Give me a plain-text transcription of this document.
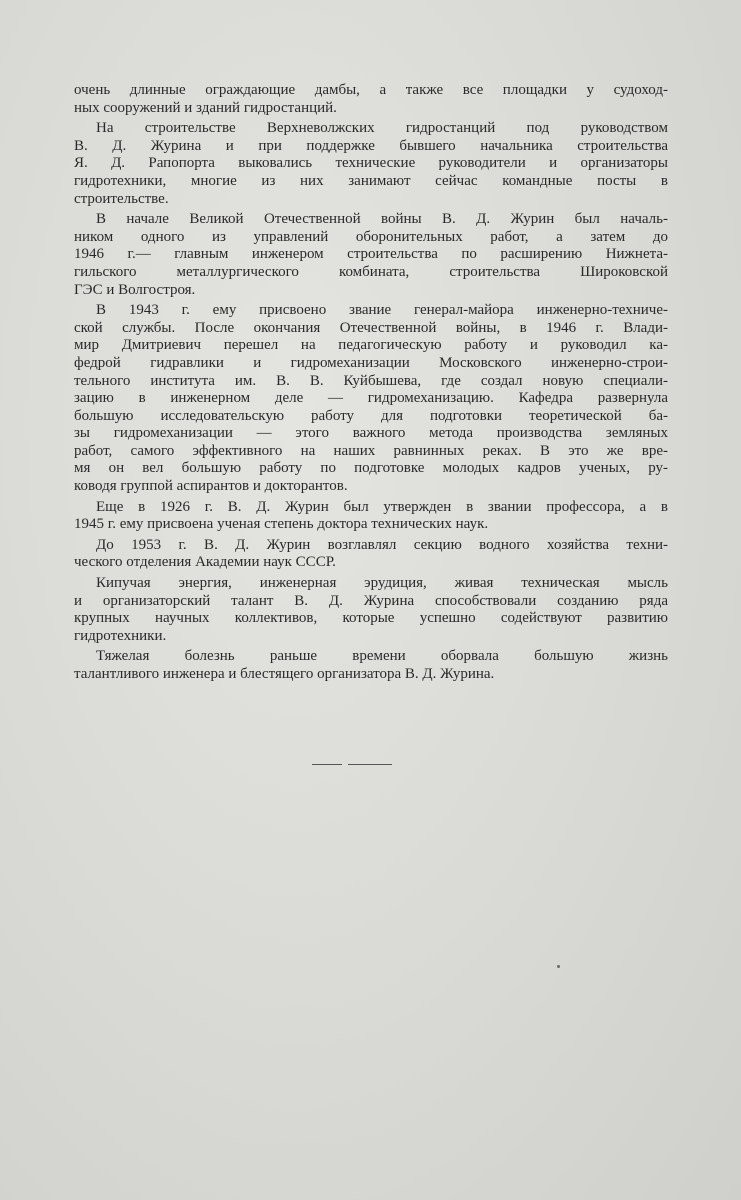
очень длинные ограждающие дамбы, а также все площадки у судоход-
ных сооружений и зданий гидростанций.

На строительстве Верхневолжских гидростанций под руководством
В. Д. Журина и при поддержке бывшего начальника строительства
Я. Д. Рапопорта выковались технические руководители и организаторы
гидротехники, многие из них занимают сейчас командные посты в
строительстве.

В начале Великой Отечественной войны В. Д. Журин был началь-
ником одного из управлений оборонительных работ, а затем до
1946 г.— главным инженером строительства по расширению Нижнета-
гильского металлургического комбината, строительства Широковской
ГЭС и Волгостроя.

В 1943 г. ему присвоено звание генерал-майора инженерно-техниче-
ской службы. После окончания Отечественной войны, в 1946 г. Влади-
мир Дмитриевич перешел на педагогическую работу и руководил ка-
федрой гидравлики и гидромеханизации Московского инженерно-строи-
тельного института им. В. В. Куйбышева, где создал новую специали-
зацию в инженерном деле — гидромеханизацию. Кафедра развернула
большую исследовательскую работу для подготовки теоретической ба-
зы гидромеханизации — этого важного метода производства земляных
работ, самого эффективного на наших равнинных реках. В это же вре-
мя он вел большую работу по подготовке молодых кадров ученых, ру-
ководя группой аспирантов и докторантов.

Еще в 1926 г. В. Д. Журин был утвержден в звании профессора, а в
1945 г. ему присвоена ученая степень доктора технических наук.

До 1953 г. В. Д. Журин возглавлял секцию водного хозяйства техни-
ческого отделения Академии наук СССР.

Кипучая энергия, инженерная эрудиция, живая техническая мысль
и организаторский талант В. Д. Журина способствовали созданию ряда
крупных научных коллективов, которые успешно содействуют развитию
гидротехники.

Тяжелая болезнь раньше времени оборвала большую жизнь
талантливого инженера и блестящего организатора В. Д. Журина.
